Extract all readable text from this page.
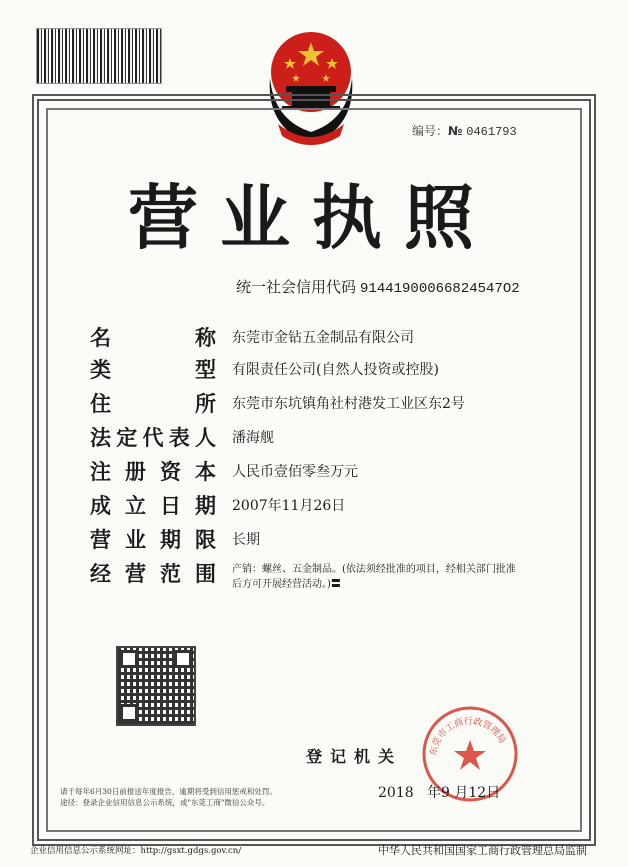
编号：№ 0461793
营业执照
统一社会信用代码 91441900066824547О2
名	称 东莞市金钻五金制品有限公司
类	型 有限责任公司(自然人投资或控股)
住	所 东莞市东坑镇角社村港发工业区东2号
法 定 代 表 人 潘海舰
注 册 资 本 人民币壹佰零叁万元
成 立 日 期 2007年11月26日
营 业 期 限 长期
经 营 范 围 产销：螺丝、五金制品。(依法须经批准的项目，经相关部门批准后方可开展经营活动。)〓
东莞市工商行政管理局
登记机关
2018 年9 月12日
请于每年6月30日前报送年度报告，逾期将受到信用惩戒和处罚。
途径：登录企业信用信息公示系统，或"东莞工商"微信公众号。
企业信用信息公示系统网址：http://gsxt.gdgs.gov.cn/	中华人民共和国国家工商行政管理总局监制
